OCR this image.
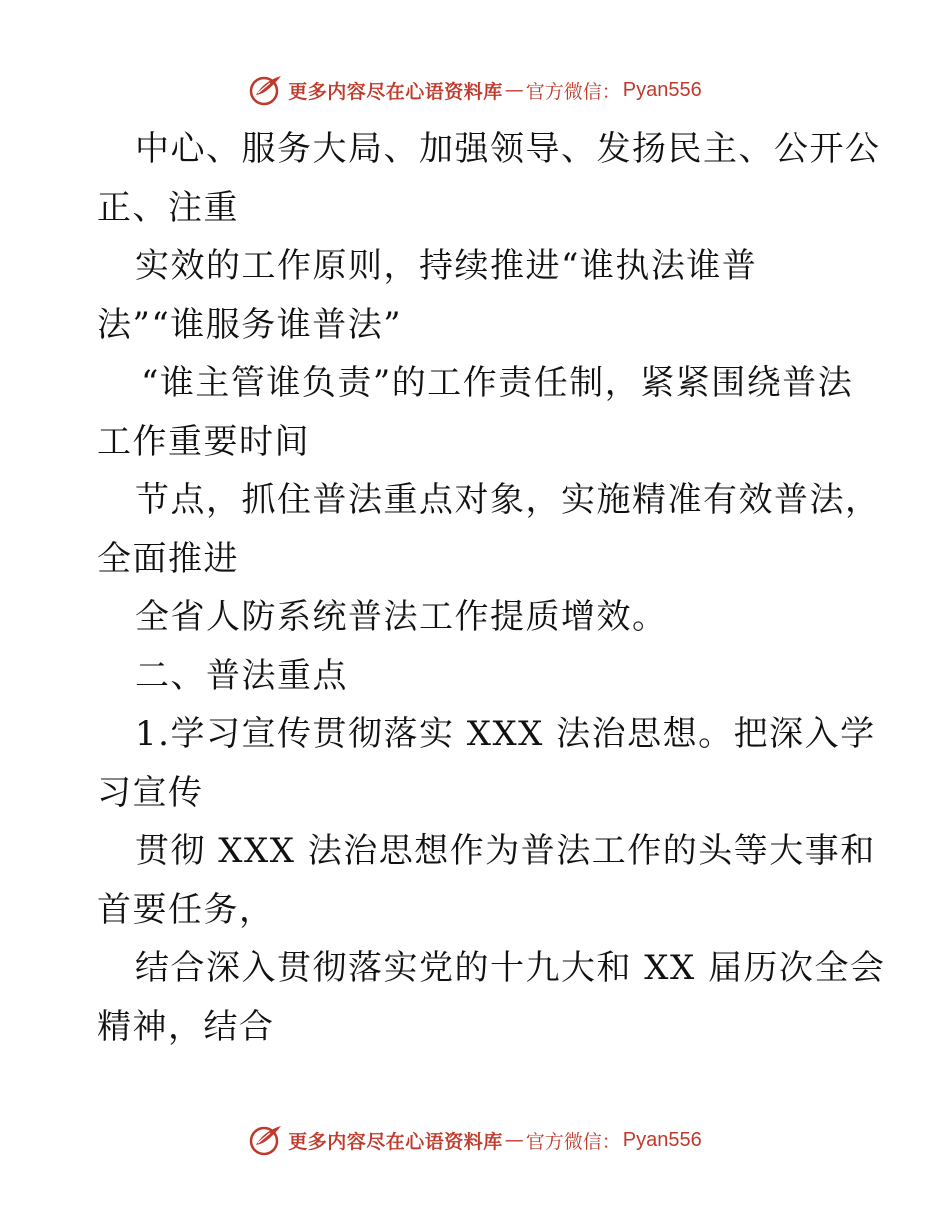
更多内容尽在心语资料库 — 官方微信： Pyan556
中心、服务大局、加强领导、发扬民主、公开公
正、注重
实效的工作原则，持续推进“谁执法谁普
法”“谁服务谁普法”
“谁主管谁负责”的工作责任制，紧紧围绕普法
工作重要时间
节点，抓住普法重点对象，实施精准有效普法，
全面推进
全省人防系统普法工作提质增效。
二、普法重点
1.学习宣传贯彻落实 XXX 法治思想。把深入学
习宣传
贯彻 XXX 法治思想作为普法工作的头等大事和
首要任务，
结合深入贯彻落实党的十九大和 XX 届历次全会
精神，结合
更多内容尽在心语资料库 — 官方微信： Pyan556
